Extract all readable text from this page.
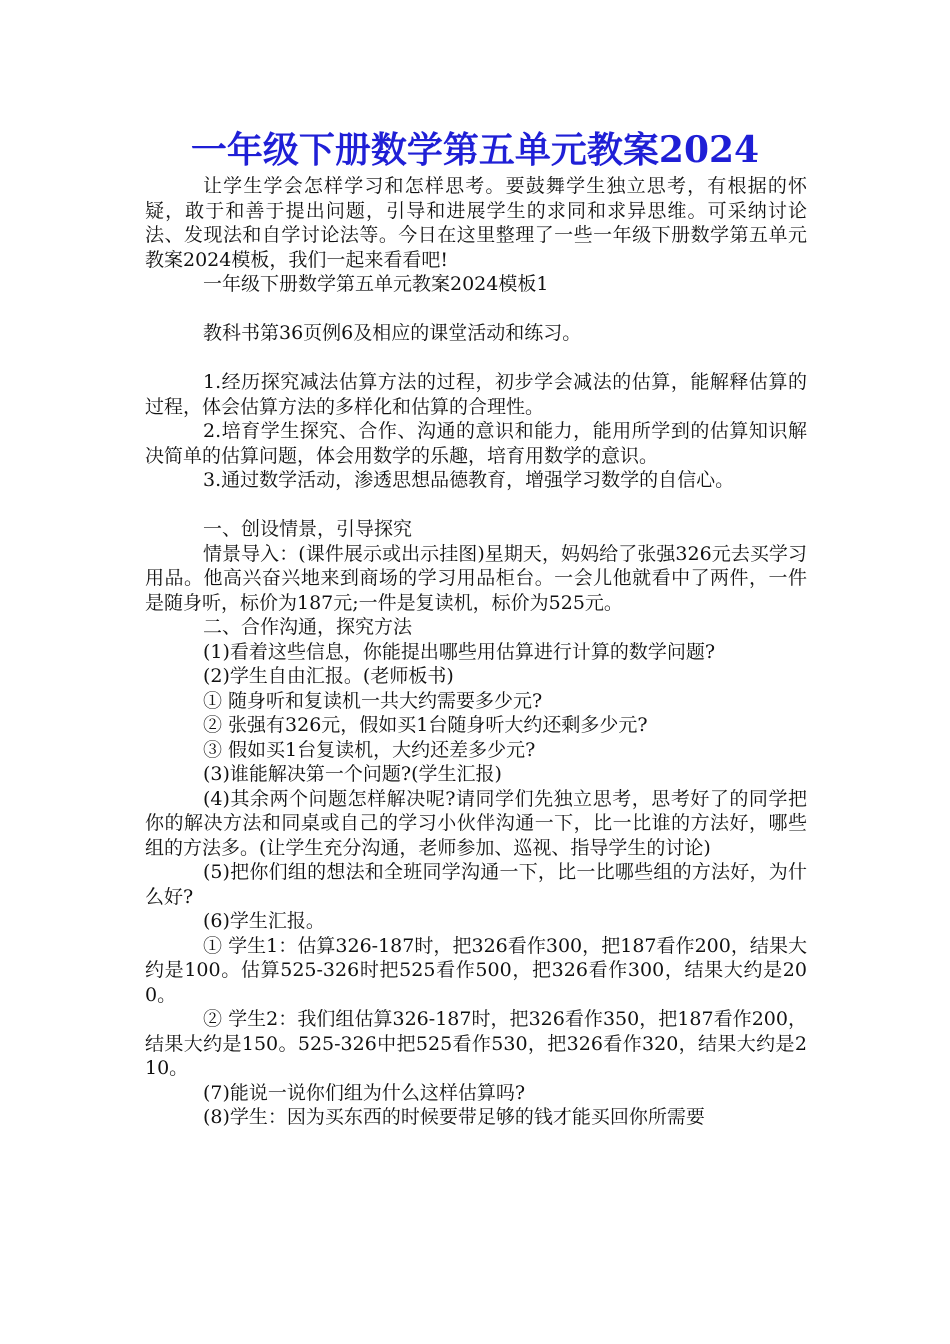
一年级下册数学第五单元教案2024

让学生学会怎样学习和怎样思考。要鼓舞学生独立思考，有根据的怀疑，敢于和善于提出问题，引导和进展学生的求同和求异思维。可采纳讨论法、发现法和自学讨论法等。今日在这里整理了一些一年级下册数学第五单元教案2024模板，我们一起来看看吧!

一年级下册数学第五单元教案2024模板1

教科书第36页例6及相应的课堂活动和练习。

1.经历探究减法估算方法的过程，初步学会减法的估算，能解释估算的过程，体会估算方法的多样化和估算的合理性。

2.培育学生探究、合作、沟通的意识和能力，能用所学到的估算知识解决简单的估算问题，体会用数学的乐趣，培育用数学的意识。

3.通过数学活动，渗透思想品德教育，增强学习数学的自信心。

一、创设情景，引导探究

情景导入：(课件展示或出示挂图)星期天，妈妈给了张强326元去买学习用品。他高兴奋兴地来到商场的学习用品柜台。一会儿他就看中了两件，一件是随身听，标价为187元;一件是复读机，标价为525元。

二、合作沟通，探究方法

(1)看着这些信息，你能提出哪些用估算进行计算的数学问题?

(2)学生自由汇报。(老师板书)

① 随身听和复读机一共大约需要多少元?

② 张强有326元，假如买1台随身听大约还剩多少元?

③ 假如买1台复读机，大约还差多少元?

(3)谁能解决第一个问题?(学生汇报)

(4)其余两个问题怎样解决呢?请同学们先独立思考，思考好了的同学把你的解决方法和同桌或自己的学习小伙伴沟通一下，比一比谁的方法好，哪些组的方法多。(让学生充分沟通，老师参加、巡视、指导学生的讨论)

(5)把你们组的想法和全班同学沟通一下，比一比哪些组的方法好，为什么好?

(6)学生汇报。

① 学生1：估算326-187时，把326看作300，把187看作200，结果大约是100。估算525-326时把525看作500，把326看作300，结果大约是200。

② 学生2：我们组估算326-187时，把326看作350，把187看作200，结果大约是150。525-326中把525看作530，把326看作320，结果大约是210。

(7)能说一说你们组为什么这样估算吗?

(8)学生：因为买东西的时候要带足够的钱才能买回你所需要
